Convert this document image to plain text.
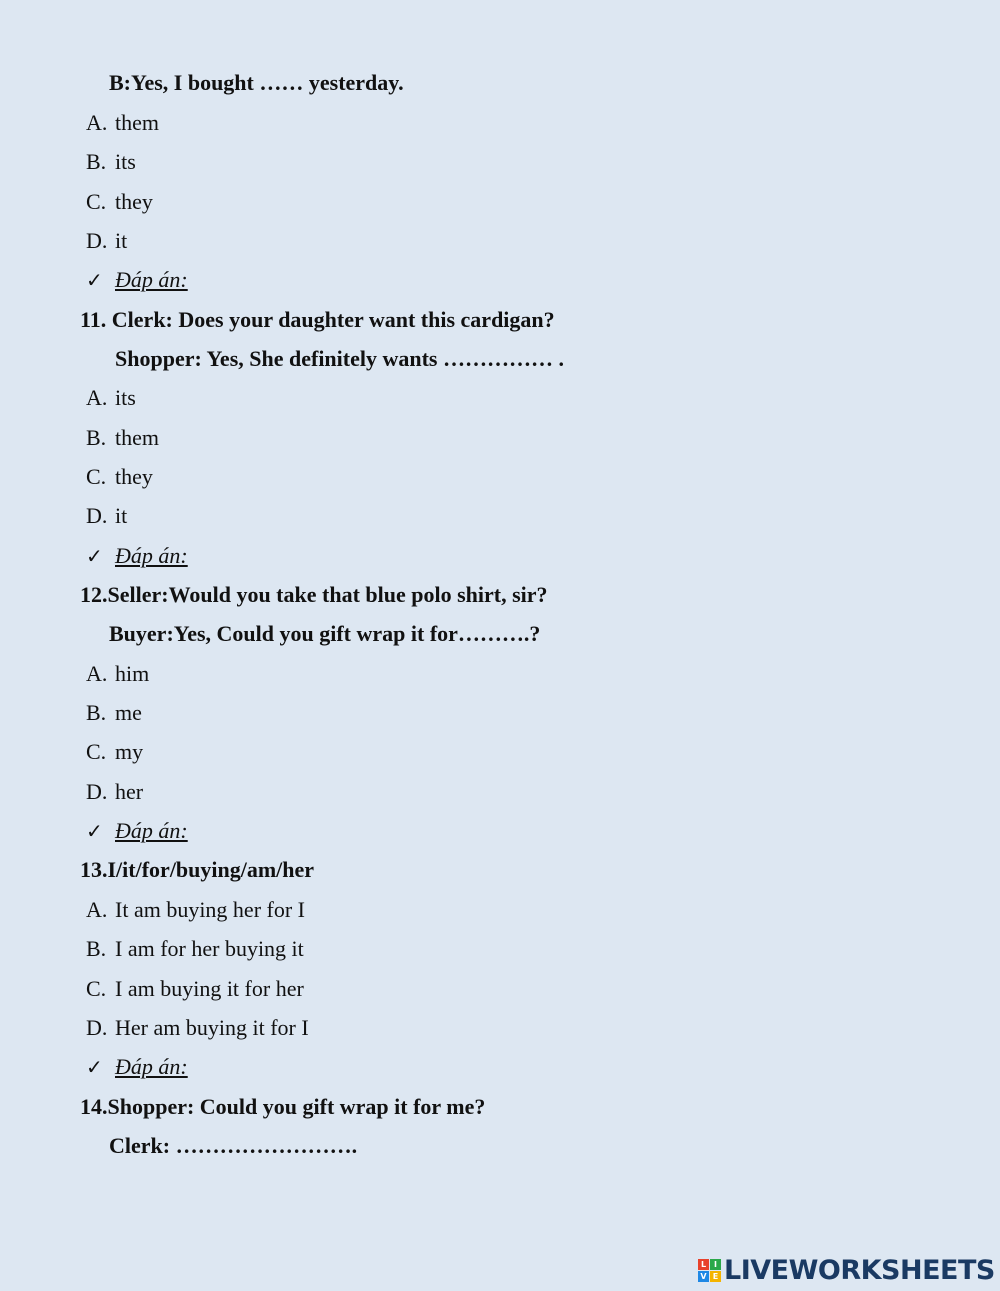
B:Yes, I bought …… yesterday.
A. them
B. its
C. they
D. it
✓ Đáp án:
11. Clerk: Does your daughter want this cardigan?
Shopper: Yes, She definitely wants …………… .
A. its
B. them
C. they
D. it
✓ Đáp án:
12.Seller:Would you take that blue polo shirt, sir?
Buyer:Yes, Could you gift wrap it for……….?
A. him
B. me
C. my
D. her
✓ Đáp án:
13.I/it/for/buying/am/her
A. It am buying her for I
B. I am for her buying it
C. I am buying it for her
D. Her am buying it for I
✓ Đáp án:
14.Shopper: Could you gift wrap it for me?
Clerk: …………………….
L I
V E LIVEWORKSHEETS
